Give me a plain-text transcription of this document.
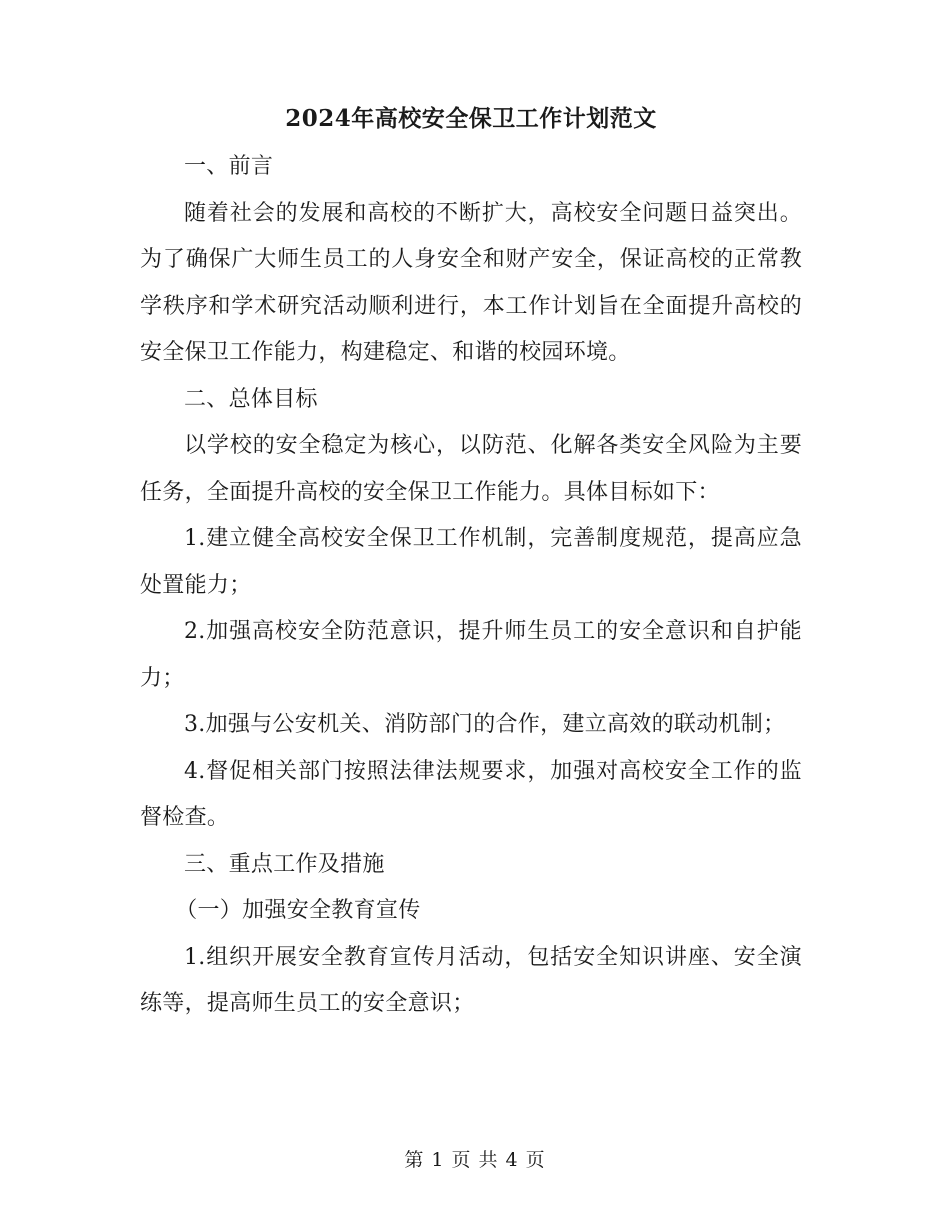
2024年高校安全保卫工作计划范文

一、前言

随着社会的发展和高校的不断扩大，高校安全问题日益突出。为了确保广大师生员工的人身安全和财产安全，保证高校的正常教学秩序和学术研究活动顺利进行，本工作计划旨在全面提升高校的安全保卫工作能力，构建稳定、和谐的校园环境。

二、总体目标

以学校的安全稳定为核心，以防范、化解各类安全风险为主要任务，全面提升高校的安全保卫工作能力。具体目标如下：

1.建立健全高校安全保卫工作机制，完善制度规范，提高应急处置能力；

2.加强高校安全防范意识，提升师生员工的安全意识和自护能力；

3.加强与公安机关、消防部门的合作，建立高效的联动机制；

4.督促相关部门按照法律法规要求，加强对高校安全工作的监督检查。

三、重点工作及措施

（一）加强安全教育宣传

1.组织开展安全教育宣传月活动，包括安全知识讲座、安全演练等，提高师生员工的安全意识；

第 1 页 共 4 页
